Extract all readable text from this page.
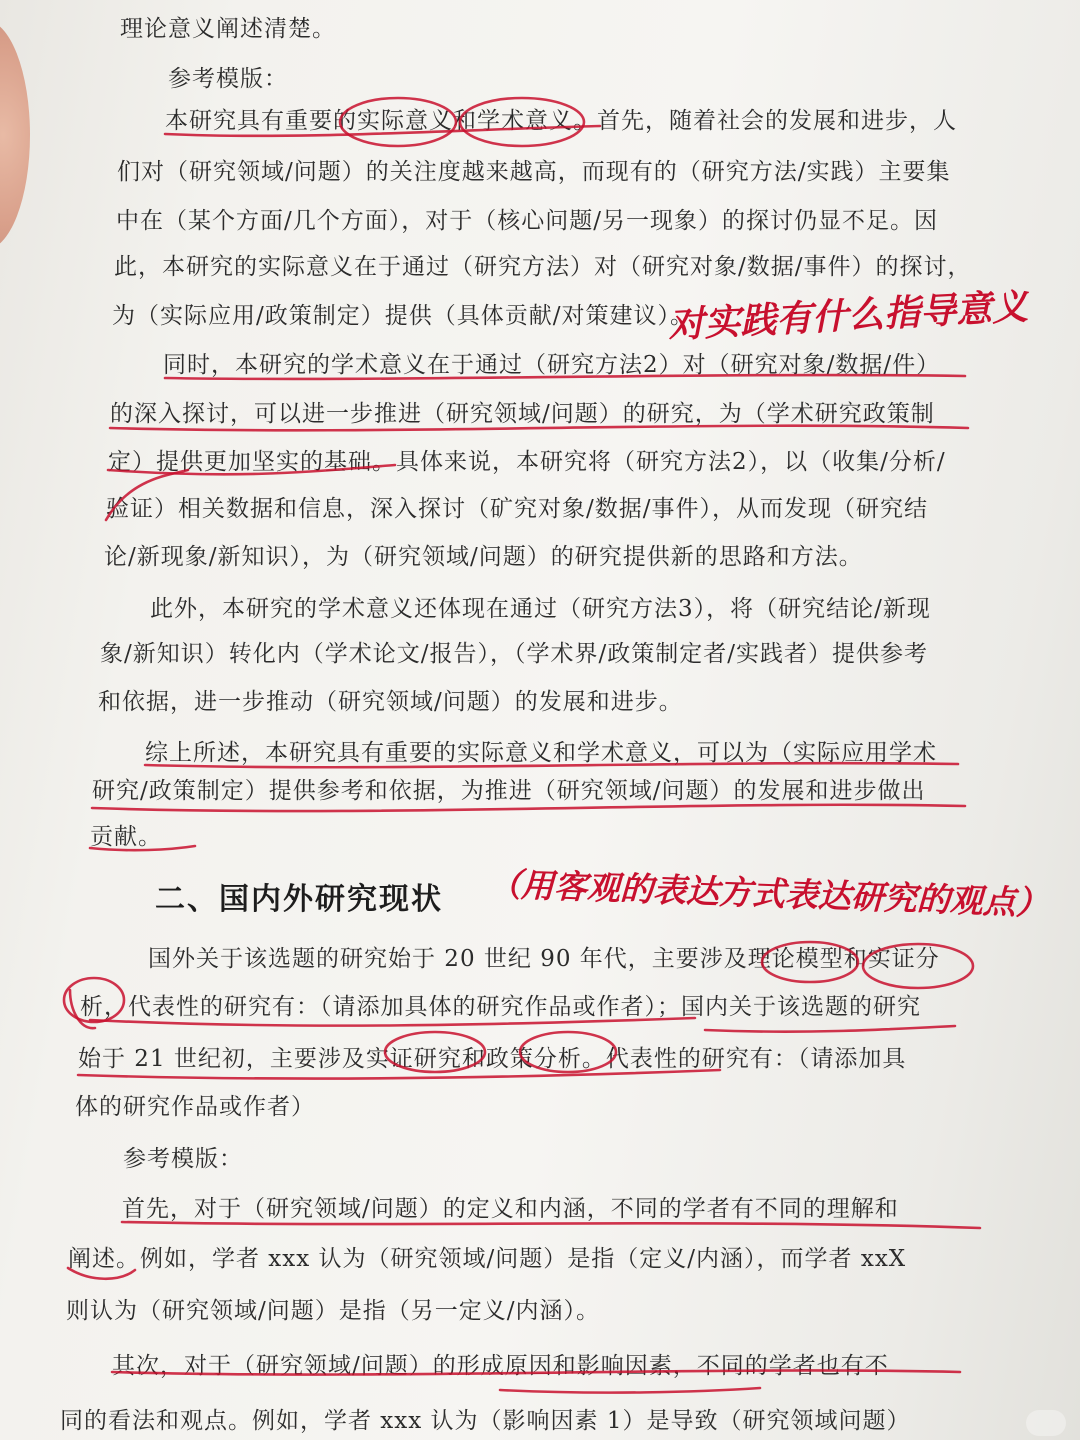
理论意义阐述清楚。
参考模版：
本研究具有重要的实际意义和学术意义。首先，随着社会的发展和进步，人
们对（研究领域/问题）的关注度越来越高，而现有的（研究方法/实践）主要集
中在（某个方面/几个方面），对于（核心问题/另一现象）的探讨仍显不足。因
此，本研究的实际意义在于通过（研究方法）对（研究对象/数据/事件）的探讨，
为（实际应用/政策制定）提供（具体贡献/对策建议）。
同时，本研究的学术意义在于通过（研究方法2）对（研究对象/数据/件）
的深入探讨，可以进一步推进（研究领域/问题）的研究，为（学术研究政策制
定）提供更加坚实的基础。具体来说，本研究将（研究方法2），以（收集/分析/
验证）相关数据和信息，深入探讨（矿究对象/数据/事件），从而发现（研究结
论/新现象/新知识），为（研究领域/问题）的研究提供新的思路和方法。
此外，本研究的学术意义还体现在通过（研究方法3），将（研究结论/新现
象/新知识）转化内（学术论文/报告），（学术界/政策制定者/实践者）提供参考
和依据，进一步推动（研究领域/问题）的发展和进步。
综上所述，本研究具有重要的实际意义和学术意义，可以为（实际应用学术
研究/政策制定）提供参考和依据，为推进（研究领域/问题）的发展和进步做出
贡献。
二、国内外研究现状
国外关于该选题的研究始于 20 世纪 90 年代，主要涉及理论模型和实证分
析，代表性的研究有：（请添加具体的研究作品或作者）；国内关于该选题的研究
始于 21 世纪初，主要涉及实证研究和政策分析。代表性的研究有：（请添加具
体的研究作品或作者）
参考模版：
首先，对于（研究领域/问题）的定义和内涵，不同的学者有不同的理解和
阐述。例如，学者 xxx 认为（研究领域/问题）是指（定义/内涵），而学者 xxX
则认为（研究领域/问题）是指（另一定义/内涵）。
其次，对于（研究领域/问题）的形成原因和影响因素，不同的学者也有不
同的看法和观点。例如，学者 xxx 认为（影响因素 1）是导致（研究领域问题）
对实践有什么指导意义
（用客观的表达方式表达研究的观点）
